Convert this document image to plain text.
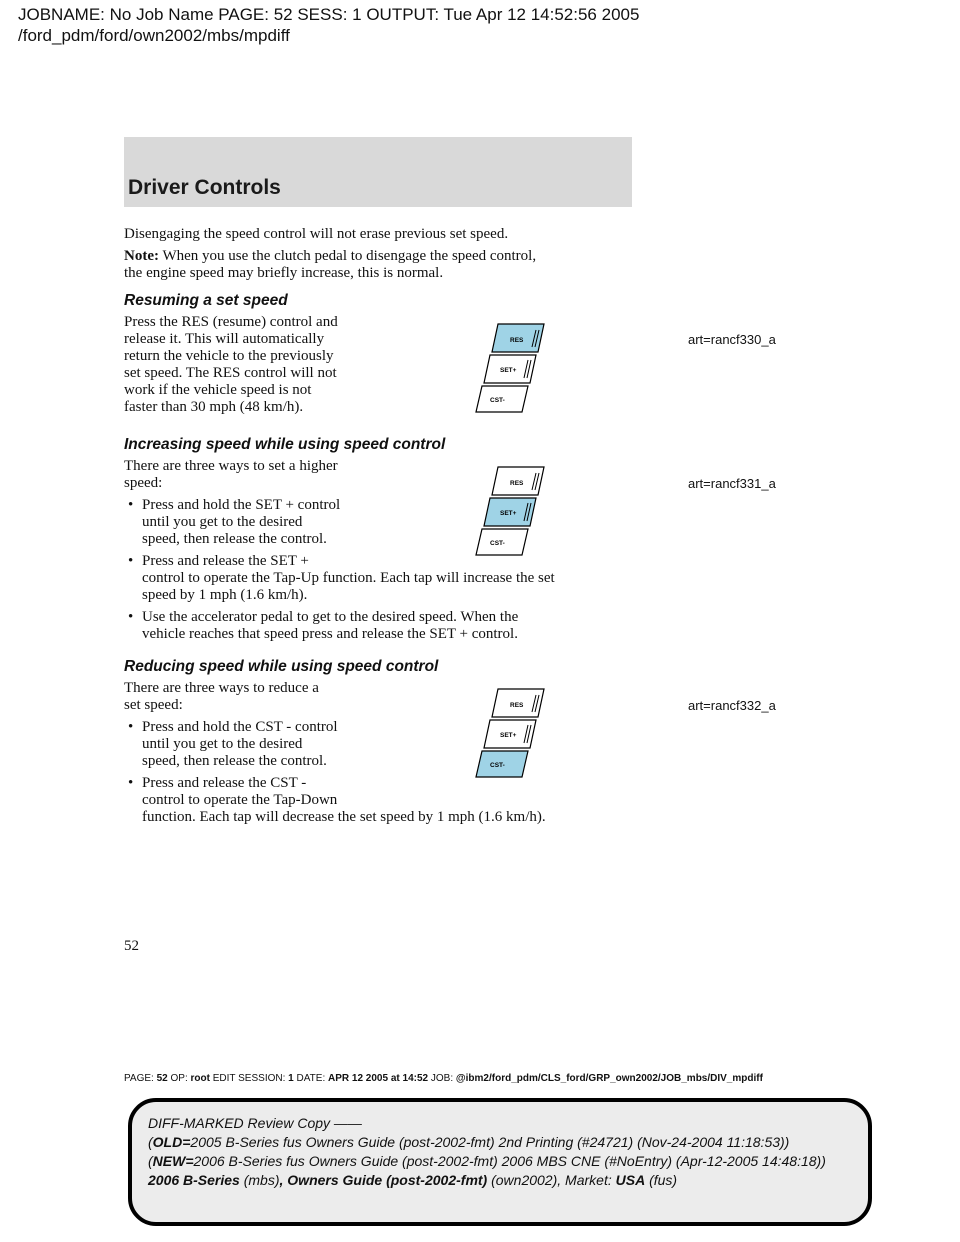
JOBNAME: No Job Name PAGE: 52 SESS: 1 OUTPUT: Tue Apr 12 14:52:56 2005
/ford_pdm/ford/own2002/mbs/mpdiff
Driver Controls
Disengaging the speed control will not erase previous set speed.
Note: When you use the clutch pedal to disengage the speed control,
the engine speed may briefly increase, this is normal.
Resuming a set speed
Press the RES (resume) control and
release it. This will automatically
return the vehicle to the previously
set speed. The RES control will not
work if the vehicle speed is not
faster than 30 mph (48 km/h).
RES
SET+
CST-
art=rancf330_a
Increasing speed while using speed control
There are three ways to set a higher
speed:
• Press and hold the SET + control
until you get to the desired
speed, then release the control.
• Press and release the SET +
control to operate the Tap-Up function. Each tap will increase the set
speed by 1 mph (1.6 km/h).
• Use the accelerator pedal to get to the desired speed. When the
vehicle reaches that speed press and release the SET + control.
RES
SET+
CST-
art=rancf331_a
Reducing speed while using speed control
There are three ways to reduce a
set speed:
• Press and hold the CST - control
until you get to the desired
speed, then release the control.
• Press and release the CST -
control to operate the Tap-Down
function. Each tap will decrease the set speed by 1 mph (1.6 km/h).
RES
SET+
CST-
art=rancf332_a
52
PAGE: 52 OP: root EDIT SESSION: 1 DATE: APR 12 2005 at 14:52 JOB: @ibm2/ford_pdm/CLS_ford/GRP_own2002/JOB_mbs/DIV_mpdiff
DIFF-MARKED Review Copy ——
(OLD=2005 B-Series fus Owners Guide (post-2002-fmt) 2nd Printing (#24721) (Nov-24-2004 11:18:53))
(NEW=2006 B-Series fus Owners Guide (post-2002-fmt) 2006 MBS CNE (#NoEntry) (Apr-12-2005 14:48:18))
2006 B-Series (mbs), Owners Guide (post-2002-fmt) (own2002), Market: USA (fus)
